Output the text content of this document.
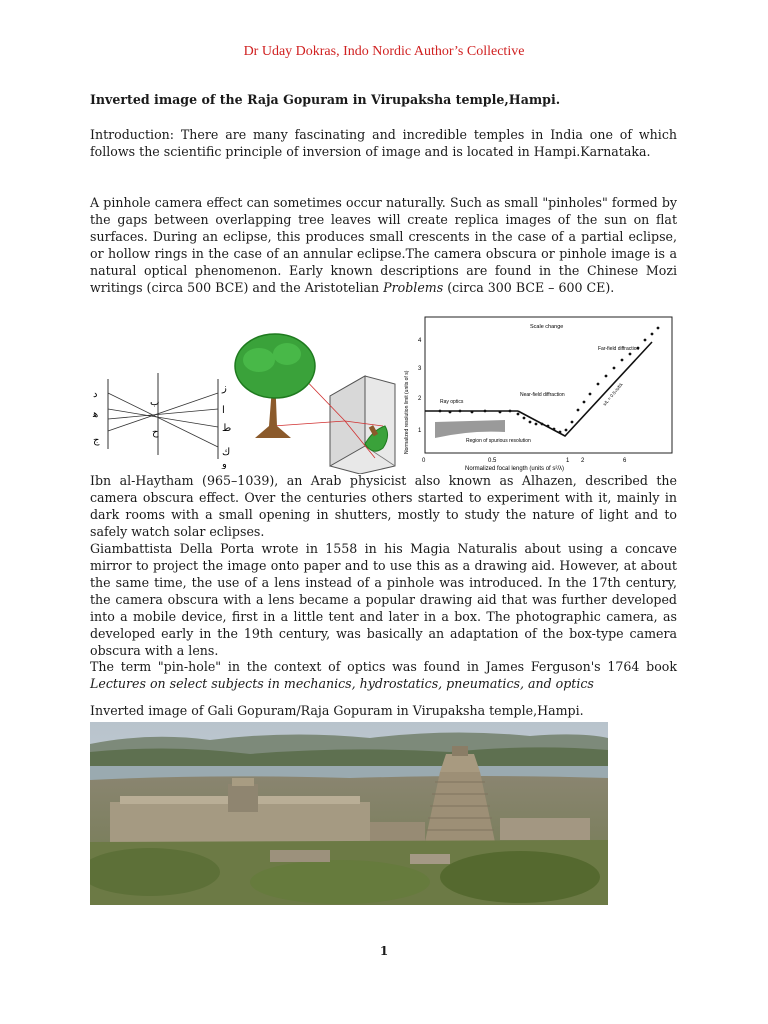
Dr Uday Dokras, Indo Nordic Author’s Collective
Inverted image of the Raja Gopuram in Virupaksha temple,Hampi.

Introduction: There are many fascinating and incredible temples in India one of which follows the scientific principle of inversion of image and is located in Hampi.Karnataka.

A pinhole camera effect can sometimes occur naturally. Such as small "pinholes" formed by the gaps between overlapping tree leaves will create replica images of the sun on flat surfaces. During an eclipse, this produces small crescents in the case of a partial eclipse, or hollow rings in the case of an annular eclipse.The camera obscura or pinhole image is a natural optical phenomenon. Early known descriptions are found in the Chinese Mozi writings (circa 500 BCE) and the Aristotelian Problems (circa 300 BCE – 600 CE).

ﺩ
ﺏ
ﺯ
ﺍ
ﻫ
ﻁ
ﺡ
ﺝ
ﻙ
ﻭ
Normalized resolution limit (units of s) 1
2
3
4
0	0.5	1 2	6
Normalized focal length (units of s²/λ)
Scale change
Far-field diffraction
Near-field diffraction
Ray optics
Region of spurious resolution
s/L = 0.5√s/f/λ

Ibn al-Haytham (965–1039), an Arab physicist also known as Alhazen, described the camera obscura effect. Over the centuries others started to experiment with it, mainly in dark rooms with a small opening in shutters, mostly to study the nature of light and to safely watch solar eclipses.

Giambattista Della Porta wrote in 1558 in his Magia Naturalis about using a concave mirror to project the image onto paper and to use this as a drawing aid. However, at about the same time, the use of a lens instead of a pinhole was introduced. In the 17th century, the camera obscura with a lens became a popular drawing aid that was further developed into a mobile device, first in a little tent and later in a box. The photographic camera, as developed early in the 19th century, was basically an adaptation of the box-type camera obscura with a lens.

The term "pin-hole" in the context of optics was found in James Ferguson's 1764 book Lectures on select subjects in mechanics, hydrostatics, pneumatics, and optics

Inverted image of Gali Gopuram/Raja Gopuram in Virupaksha temple,Hampi.
1
